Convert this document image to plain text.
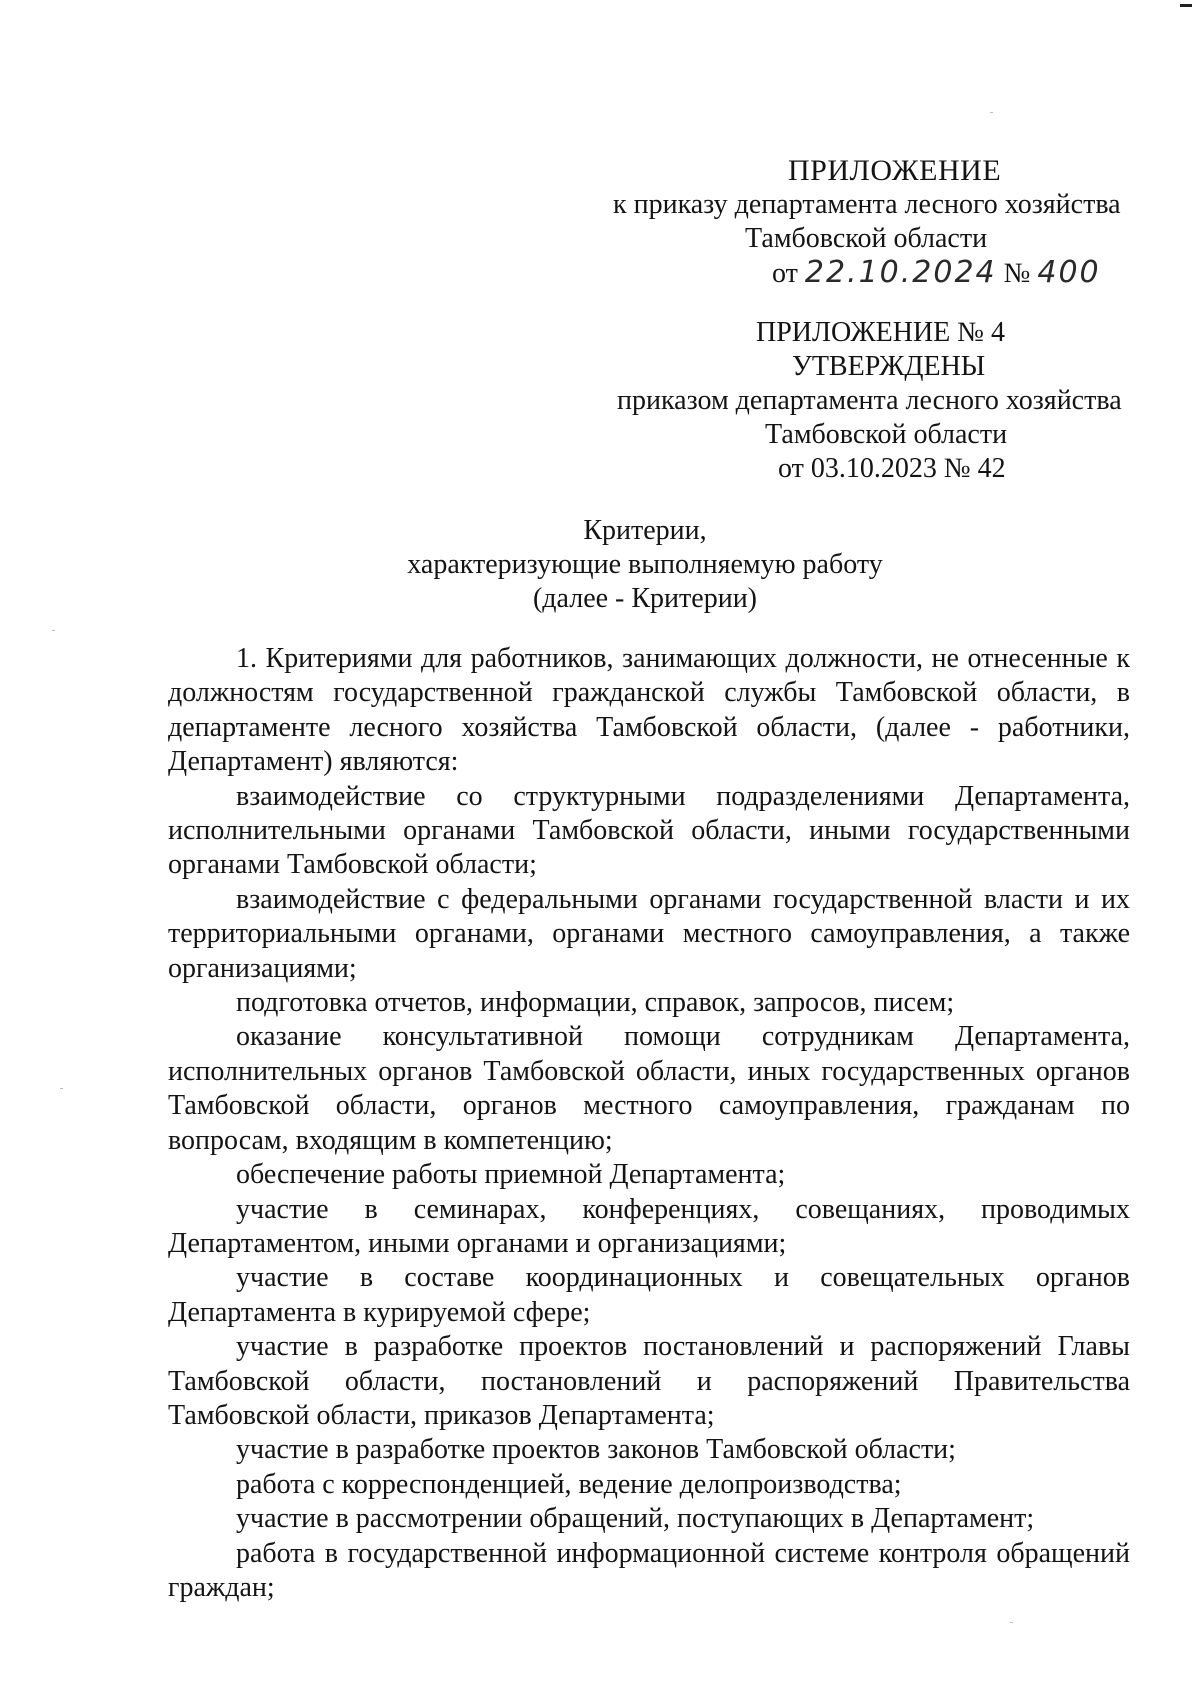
ПРИЛОЖЕНИЕ
к приказу департамента лесного хозяйства
Тамбовской области
от 22.10.2024 № 400
ПРИЛОЖЕНИЕ № 4
УТВЕРЖДЕНЫ
приказом департамента лесного хозяйства
Тамбовской области
от 03.10.2023 № 42
Критерии,
характеризующие выполняемую работу
(далее - Критерии)

1. Критериями для работников, занимающих должности, не отнесенные к должностям государственной гражданской службы Тамбовской области, в департаменте лесного хозяйства Тамбовской области, (далее - работники, Департамент) являются:

взаимодействие со структурными подразделениями Департамента, исполнительными органами Тамбовской области, иными государственными органами Тамбовской области;

взаимодействие с федеральными органами государственной власти и их территориальными органами, органами местного самоуправления, а также организациями;

подготовка отчетов, информации, справок, запросов, писем;

оказание консультативной помощи сотрудникам Департамента, исполнительных органов Тамбовской области, иных государственных органов Тамбовской области, органов местного самоуправления, гражданам по вопросам, входящим в компетенцию;

обеспечение работы приемной Департамента;

участие в семинарах, конференциях, совещаниях, проводимых Департаментом, иными органами и организациями;

участие в составе координационных и совещательных органов Департамента в курируемой сфере;

участие в разработке проектов постановлений и распоряжений Главы Тамбовской области, постановлений и распоряжений Правительства Тамбовской области, приказов Департамента;

участие в разработке проектов законов Тамбовской области;

работа с корреспонденцией, ведение делопроизводства;

участие в рассмотрении обращений, поступающих в Департамент;

работа в государственной информационной системе контроля обращений граждан;
